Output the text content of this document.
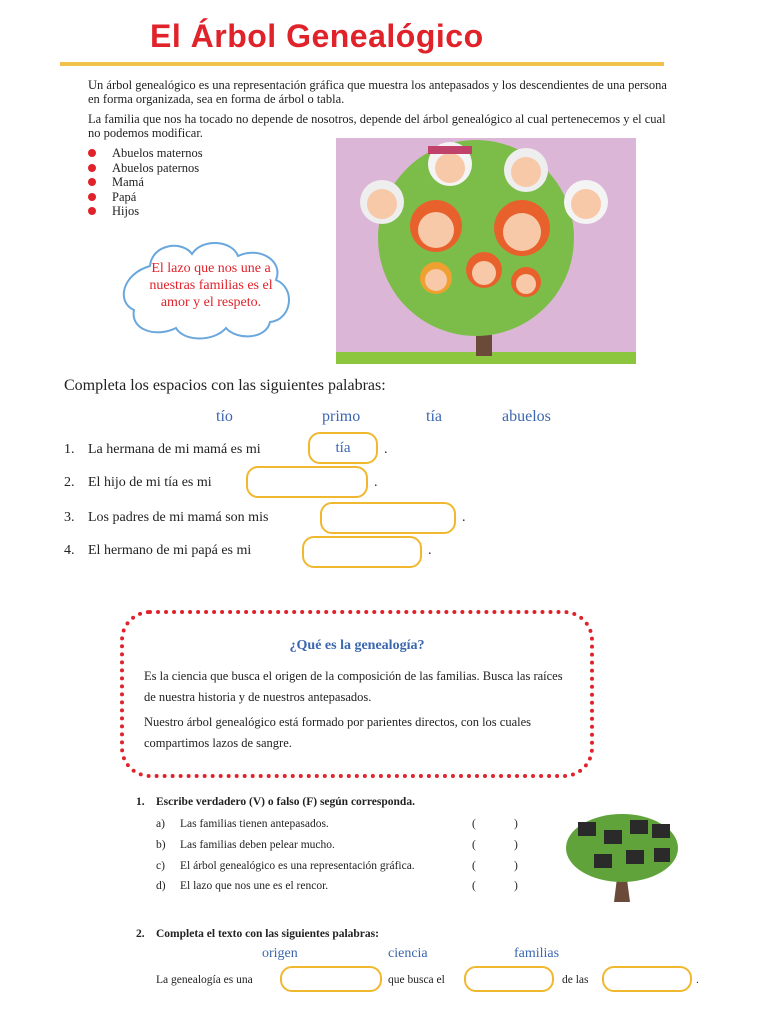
El Árbol Genealógico
Un árbol genealógico es una representación gráfica que muestra los antepasados y los descendientes de una persona en forma organizada, sea en forma de árbol o tabla.
La familia que nos ha tocado no depende de nosotros, depende del árbol genealógico al cual pertenecemos y el cual no podemos modificar.
Abuelos maternos
Abuelos paternos
Mamá
Papá
Hijos
El lazo que nos une a nuestras familias es el amor y el respeto.
Completa los espacios con las siguientes palabras:
tío	primo	tía	abuelos
1. La hermana de mi mamá es mi	tía	.
2. El hijo de mi tía es mi	.
3. Los padres de mi mamá son mis	.
4. El hermano de mi papá es mi	.
¿Qué es la genealogía?
Es la ciencia que busca el origen de la composición de las familias. Busca las raíces de nuestra historia y de nuestros antepasados.
Nuestro árbol genealógico está formado por parientes directos, con los cuales compartimos lazos de sangre.
1. Escribe verdadero (V) o falso (F) según corresponda.
a) Las familias tienen antepasados.	(	)
b) Las familias deben pelear mucho.	(	)
c) El árbol genealógico es una representación gráfica.	(	)
d) El lazo que nos une es el rencor.	(	)
2. Completa el texto con las siguientes palabras:
origen	ciencia	familias
La genealogía es una	que busca el	de las	.
